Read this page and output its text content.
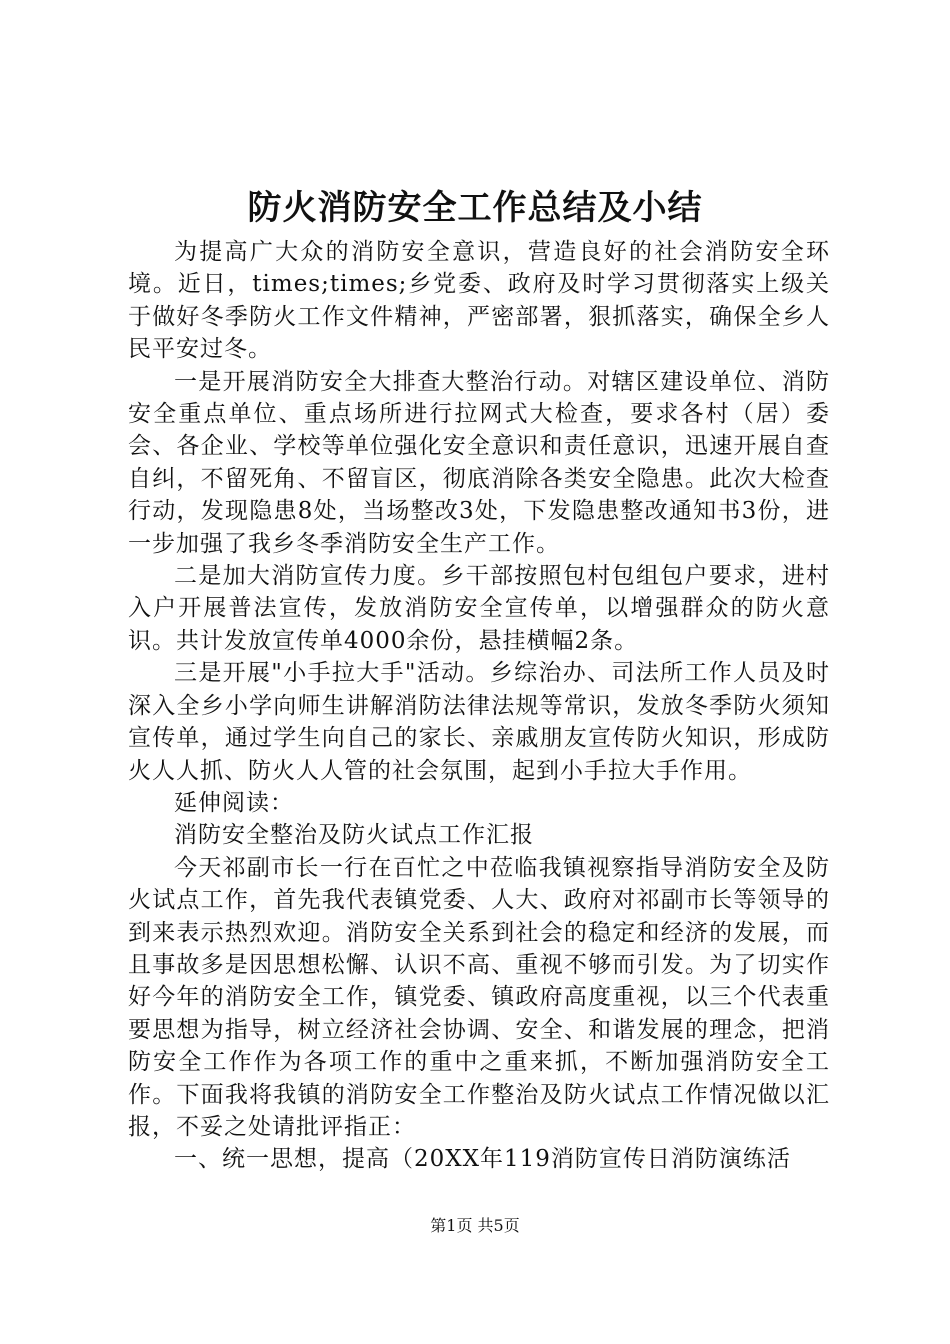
防火消防安全工作总结及小结

为提高广大众的消防安全意识，营造良好的社会消防安全环境。近日，times;times;乡党委、政府及时学习贯彻落实上级关于做好冬季防火工作文件精神，严密部署，狠抓落实，确保全乡人民平安过冬。

一是开展消防安全大排查大整治行动。对辖区建设单位、消防安全重点单位、重点场所进行拉网式大检查，要求各村（居）委会、各企业、学校等单位强化安全意识和责任意识，迅速开展自查自纠，不留死角、不留盲区，彻底消除各类安全隐患。此次大检查行动，发现隐患8处，当场整改3处，下发隐患整改通知书3份，进一步加强了我乡冬季消防安全生产工作。

二是加大消防宣传力度。乡干部按照包村包组包户要求，进村入户开展普法宣传，发放消防安全宣传单，以增强群众的防火意识。共计发放宣传单4000余份，悬挂横幅2条。

三是开展"小手拉大手"活动。乡综治办、司法所工作人员及时深入全乡小学向师生讲解消防法律法规等常识，发放冬季防火须知宣传单，通过学生向自己的家长、亲戚朋友宣传防火知识，形成防火人人抓、防火人人管的社会氛围，起到小手拉大手作用。

延伸阅读：

消防安全整治及防火试点工作汇报

今天祁副市长一行在百忙之中莅临我镇视察指导消防安全及防火试点工作，首先我代表镇党委、人大、政府对祁副市长等领导的到来表示热烈欢迎。消防安全关系到社会的稳定和经济的发展，而且事故多是因思想松懈、认识不高、重视不够而引发。为了切实作好今年的消防安全工作，镇党委、镇政府高度重视，以三个代表重要思想为指导，树立经济社会协调、安全、和谐发展的理念，把消防安全工作作为各项工作的重中之重来抓，不断加强消防安全工作。下面我将我镇的消防安全工作整治及防火试点工作情况做以汇报，不妥之处请批评指正：

一、统一思想，提高（20XX年119消防宣传日消防演练活

第1页 共5页
